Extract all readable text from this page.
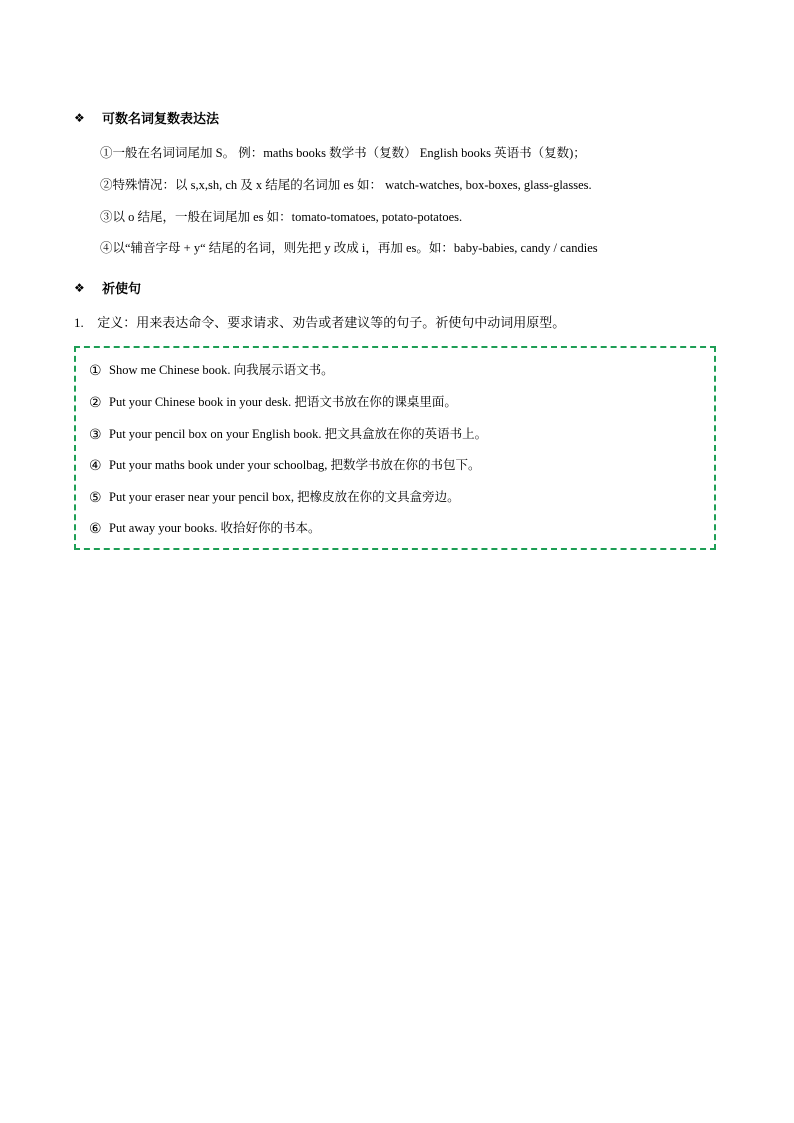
❖ 可数名词复数表达法
①一般在名词词尾加 S。 例：maths books 数学书（复数） English books 英语书（复数)；
②特殊情况：以 s,x,sh, ch 及 x 结尾的名词加 es 如： watch-watches, box-boxes, glass-glasses.
③以 o 结尾，一般在词尾加 es 如：tomato-tomatoes, potato-potatoes.
④以“辅音字母 + y“ 结尾的名词，则先把 y 改成 i，再加 es。如：baby-babies, candy / candies
❖ 祈使句
1. 定义：用来表达命令、要求请求、劝告或者建议等的句子。祈使句中动词用原型。
① Show me Chinese book. 向我展示语文书。
② Put your Chinese book in your desk. 把语文书放在你的课桌里面。
③ Put your pencil box on your English book. 把文具盒放在你的英语书上。
④ Put your maths book under your schoolbag, 把数学书放在你的书包下。
⑤ Put your eraser near your pencil box, 把橡皮放在你的文具盒旁边。
⑥ Put away your books. 收拾好你的书本。
